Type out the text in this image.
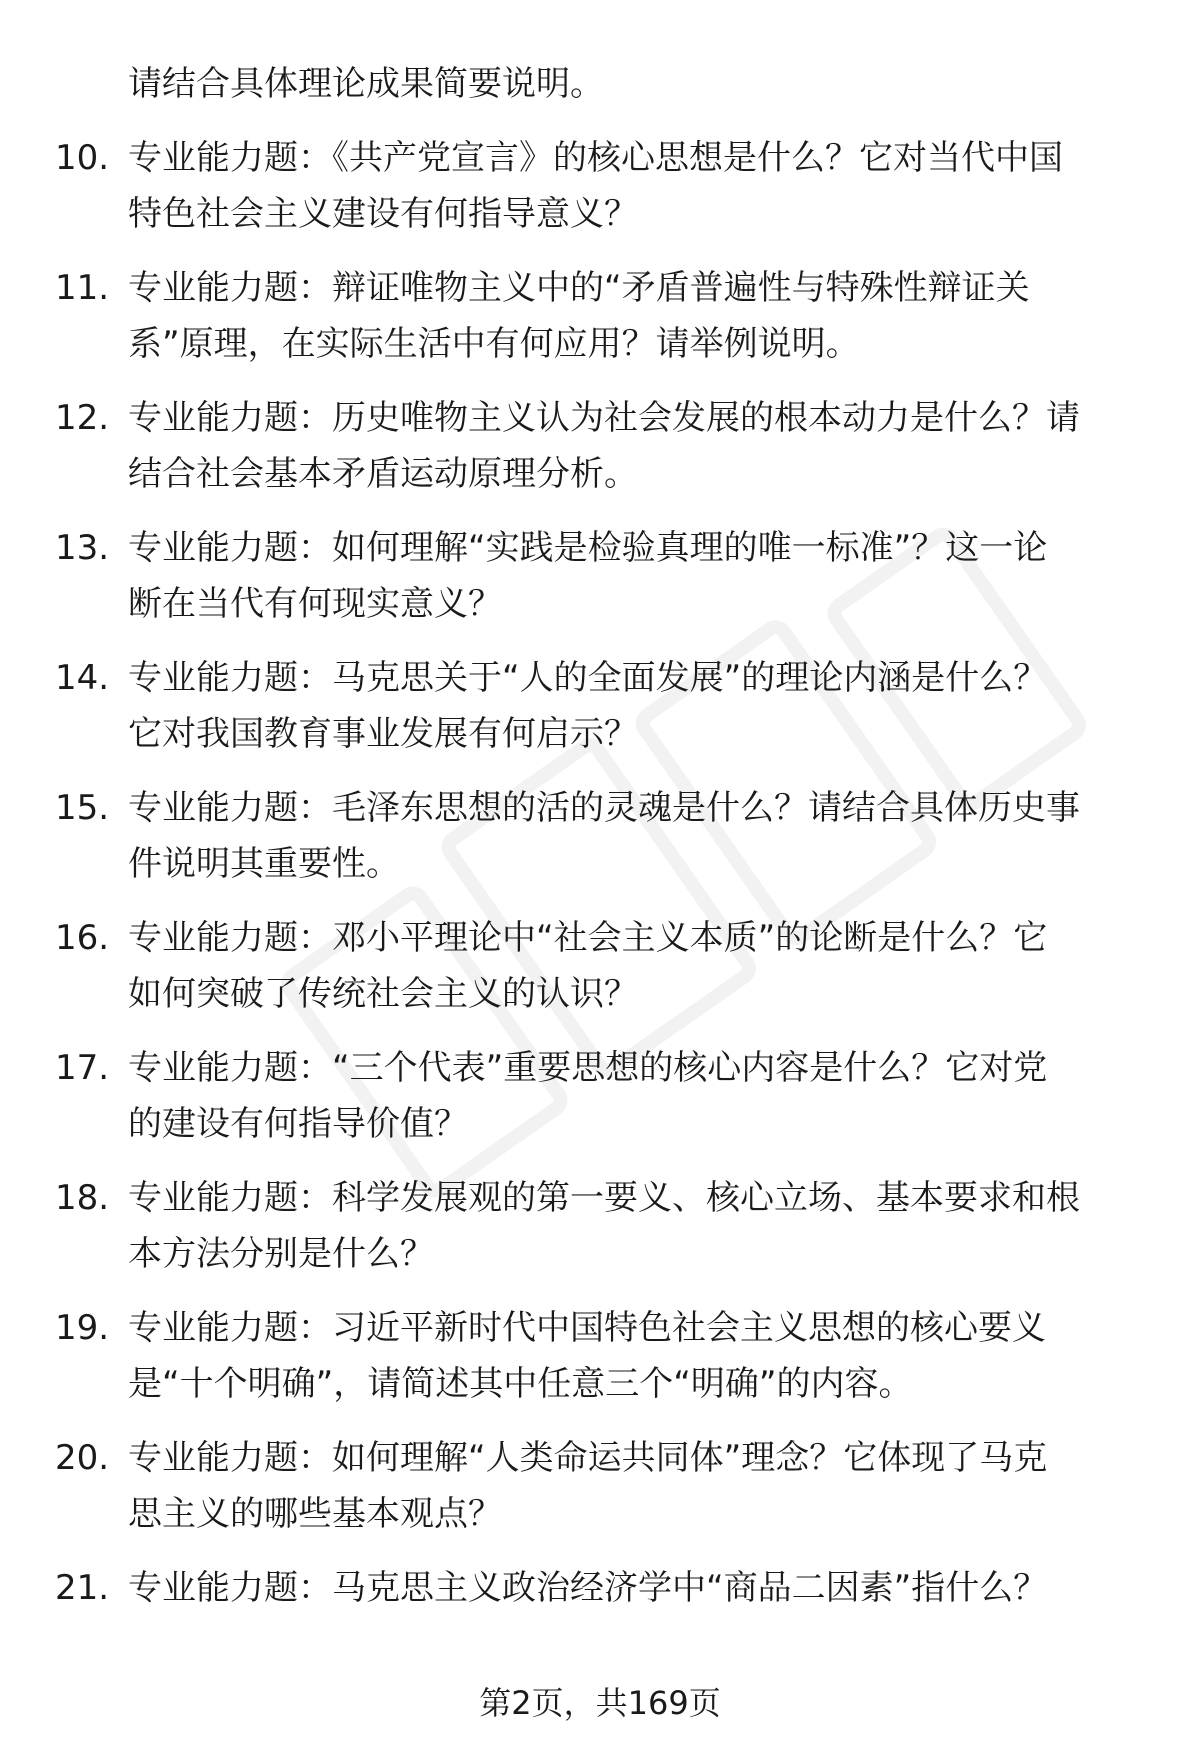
请结合具体理论成果简要说明。
10. 专业能力题：《共产党宣言》的核心思想是什么？它对当代中国
特色社会主义建设有何指导意义？
11. 专业能力题：辩证唯物主义中的“矛盾普遍性与特殊性辩证关
系”原理，在实际生活中有何应用？请举例说明。
12. 专业能力题：历史唯物主义认为社会发展的根本动力是什么？请
结合社会基本矛盾运动原理分析。
13. 专业能力题：如何理解“实践是检验真理的唯一标准”？这一论
断在当代有何现实意义？
14. 专业能力题：马克思关于“人的全面发展”的理论内涵是什么？
它对我国教育事业发展有何启示？
15. 专业能力题：毛泽东思想的活的灵魂是什么？请结合具体历史事
件说明其重要性。
16. 专业能力题：邓小平理论中“社会主义本质”的论断是什么？它
如何突破了传统社会主义的认识？
17. 专业能力题：“三个代表”重要思想的核心内容是什么？它对党
的建设有何指导价值？
18. 专业能力题：科学发展观的第一要义、核心立场、基本要求和根
本方法分别是什么？
19. 专业能力题：习近平新时代中国特色社会主义思想的核心要义
是“十个明确”，请简述其中任意三个“明确”的内容。
20. 专业能力题：如何理解“人类命运共同体”理念？它体现了马克
思主义的哪些基本观点？
21. 专业能力题：马克思主义政治经济学中“商品二因素”指什么？
第2页，共169页
